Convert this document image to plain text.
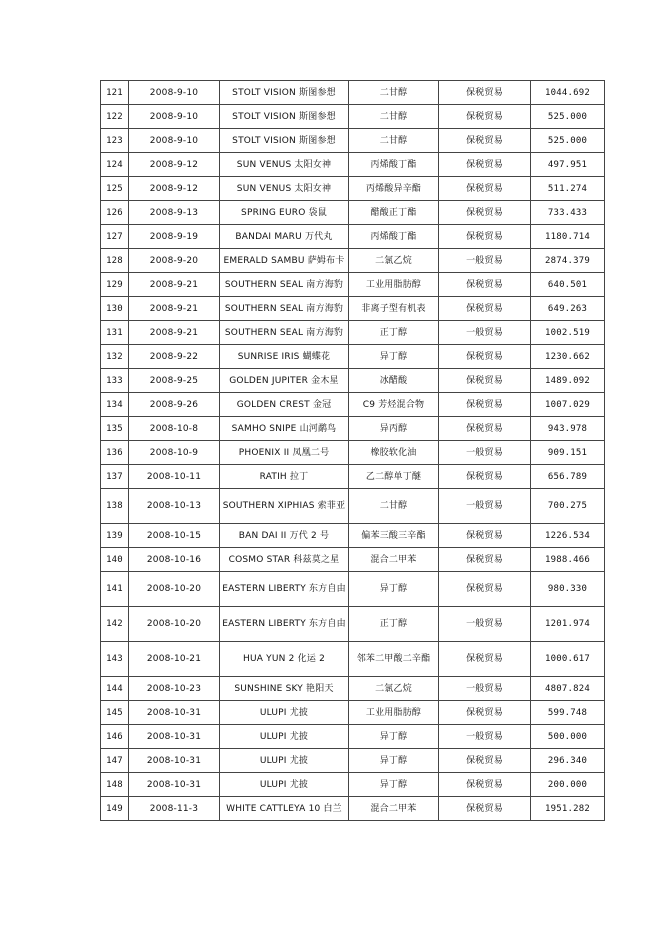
121	2008-9-10	STOLT VISION 斯图参想	二甘醇	保税贸易	1044.692
122	2008-9-10	STOLT VISION 斯图参想	二甘醇	保税贸易	525.000
123	2008-9-10	STOLT VISION 斯图参想	二甘醇	保税贸易	525.000
124	2008-9-12	SUN VENUS 太阳女神	丙烯酸丁酯	保税贸易	497.951
125	2008-9-12	SUN VENUS 太阳女神	丙烯酸异辛酯	保税贸易	511.274
126	2008-9-13	SPRING EURO 袋鼠	醋酸正丁酯	保税贸易	733.433
127	2008-9-19	BANDAI MARU 万代丸	丙烯酸丁酯	保税贸易	1180.714
128	2008-9-20	EMERALD SAMBU 萨姆布卡	二氯乙烷	一般贸易	2874.379
129	2008-9-21	SOUTHERN SEAL 南方海豹	工业用脂肪醇	保税贸易	640.501
130	2008-9-21	SOUTHERN SEAL 南方海豹	非离子型有机表	保税贸易	649.263
131	2008-9-21	SOUTHERN SEAL 南方海豹	正丁醇	一般贸易	1002.519
132	2008-9-22	SUNRISE IRIS 蝴蝶花	异丁醇	保税贸易	1230.662
133	2008-9-25	GOLDEN JUPITER 金木星	冰醋酸	保税贸易	1489.092
134	2008-9-26	GOLDEN CREST 金冠	C9 芳烃混合物	保税贸易	1007.029
135	2008-10-8	SAMHO SNIPE 山河鹬鸟	异丙醇	保税贸易	943.978
136	2008-10-9	PHOENIX II 凤凰二号	橡胶软化油	一般贸易	909.151
137	2008-10-11	RATIH 拉丁	乙二醇单丁醚	保税贸易	656.789
138	2008-10-13	SOUTHERN XIPHIAS 索菲亚	二甘醇	一般贸易	700.275
139	2008-10-15	BAN DAI II 万代 2 号	偏苯三酸三辛酯	保税贸易	1226.534
140	2008-10-16	COSMO STAR 科兹莫之星	混合二甲苯	保税贸易	1988.466
141	2008-10-20	EASTERN LIBERTY 东方自由	异丁醇	保税贸易	980.330
142	2008-10-20	EASTERN LIBERTY 东方自由	正丁醇	一般贸易	1201.974
143	2008-10-21	HUA YUN 2 化运 2	邻苯二甲酸二辛酯	保税贸易	1000.617
144	2008-10-23	SUNSHINE SKY 艳阳天	二氯乙烷	一般贸易	4807.824
145	2008-10-31	ULUPI 尤披	工业用脂肪醇	保税贸易	599.748
146	2008-10-31	ULUPI 尤披	异丁醇	一般贸易	500.000
147	2008-10-31	ULUPI 尤披	异丁醇	保税贸易	296.340
148	2008-10-31	ULUPI 尤披	异丁醇	保税贸易	200.000
149	2008-11-3	WHITE CATTLEYA 10 白兰	混合二甲苯	保税贸易	1951.282
